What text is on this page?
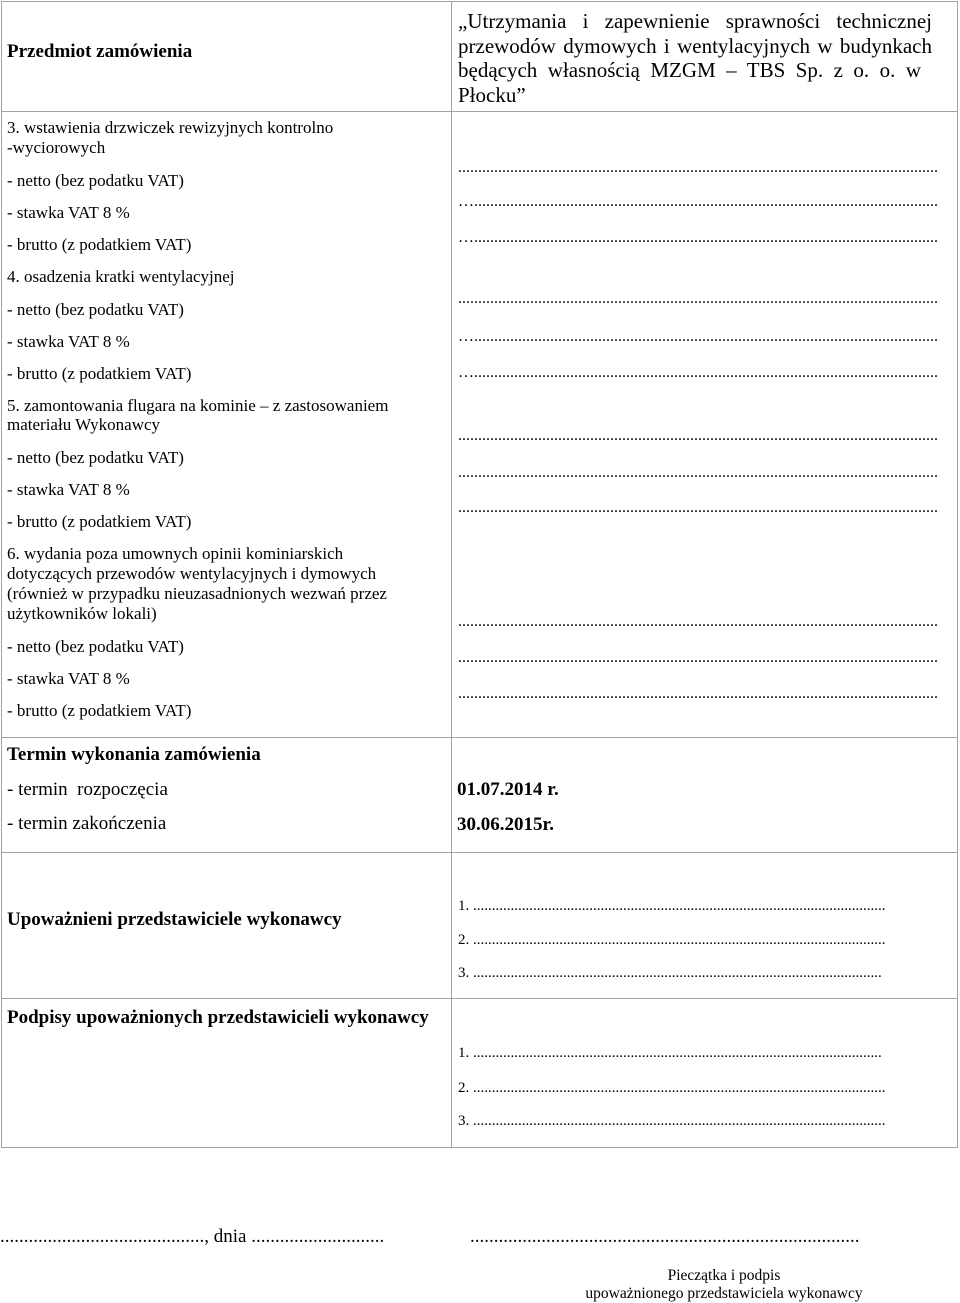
Przedmiot zamówienia
„Utrzymania i zapewnienie sprawności technicznej
przewodów dymowych i wentylacyjnych w budynkach
będących własnością MZGM – TBS Sp. z o. o. w
Płocku”
3. wstawienia drzwiczek rewizyjnych kontrolno
-wyciorowych
- netto (bez podatku VAT)
- stawka VAT 8 %
- brutto (z podatkiem VAT)
........................................................................................................................
…....................................................................................................................
…....................................................................................................................
4. osadzenia kratki wentylacyjnej
- netto (bez podatku VAT)
- stawka VAT 8 %
- brutto (z podatkiem VAT)
........................................................................................................................
…....................................................................................................................
…....................................................................................................................
5. zamontowania flugara na kominie – z zastosowaniem
materiału Wykonawcy
- netto (bez podatku VAT)
- stawka VAT 8 %
- brutto (z podatkiem VAT)
........................................................................................................................
........................................................................................................................
........................................................................................................................
6. wydania poza umownych opinii kominiarskich
dotyczących przewodów wentylacyjnych i dymowych
(również w przypadku nieuzasadnionych wezwań przez
użytkowników lokali)
- netto (bez podatku VAT)
- stawka VAT 8 %
- brutto (z podatkiem VAT)
........................................................................................................................
........................................................................................................................
........................................................................................................................
Termin wykonania zamówienia
- termin  rozpoczęcia
- termin zakończenia
01.07.2014 r.
30.06.2015r.
Upoważnieni przedstawiciele wykonawcy
1. ..............................................................................................................
2. ..............................................................................................................
3. .............................................................................................................
Podpisy upoważnionych przedstawicieli wykonawcy
1. .............................................................................................................
2. ..............................................................................................................
3. ..............................................................................................................
..........................................., dnia ............................	..................................................................................
Pieczątka i podpis
upoważnionego przedstawiciela wykonawcy
